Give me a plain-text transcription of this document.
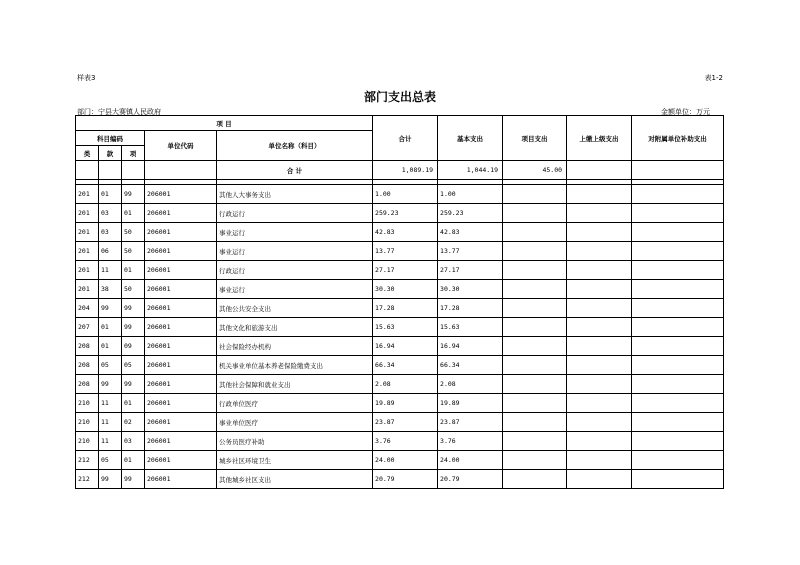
样表3	表1-2
部门支出总表
部门：宁县大赛镇人民政府	金额单位：万元
项 目					合计	基本支出	项目支出	上缴上级支出	对附属单位补助支出
科目编码			单位代码	单位名称（科目）					
类	款	项							
				合 计	1,089.19	1,044.19	45.00		

201	01	99	206001	其他人大事务支出	1.00	1.00			
201	03	01	206001	行政运行	259.23	259.23			
201	03	50	206001	事业运行	42.83	42.83			
201	06	50	206001	事业运行	13.77	13.77			
201	11	01	206001	行政运行	27.17	27.17			
201	38	50	206001	事业运行	30.30	30.30			
204	99	99	206001	其他公共安全支出	17.28	17.28			
207	01	99	206001	其他文化和旅游支出	15.63	15.63			
208	01	09	206001	社会保险经办机构	16.94	16.94			
208	05	05	206001	机关事业单位基本养老保险缴费支出	66.34	66.34			
208	99	99	206001	其他社会保障和就业支出	2.08	2.08			
210	11	01	206001	行政单位医疗	19.89	19.89			
210	11	02	206001	事业单位医疗	23.87	23.87			
210	11	03	206001	公务员医疗补助	3.76	3.76			
212	05	01	206001	城乡社区环境卫生	24.00	24.00			
212	99	99	206001	其他城乡社区支出	20.79	20.79			
